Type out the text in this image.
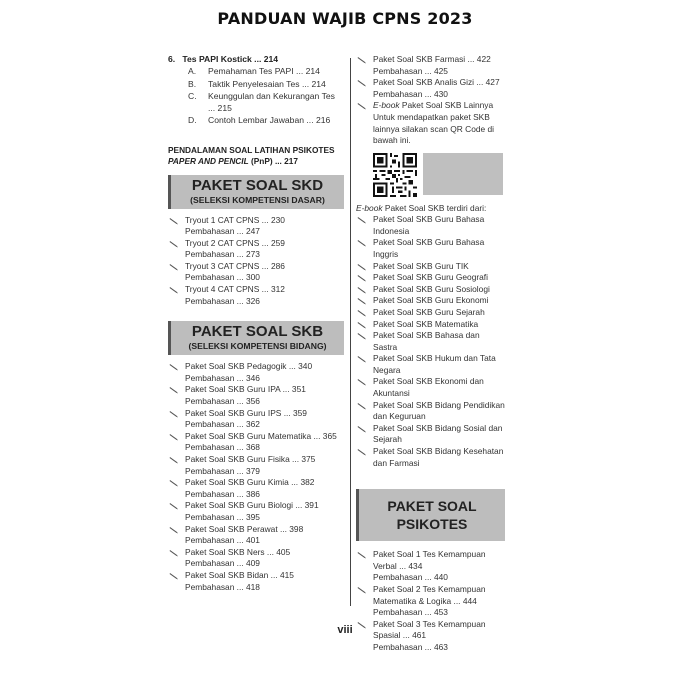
PANDUAN WAJIB CPNS 2023
6. Tes PAPI Kostick ... 214
A. Pemahaman Tes PAPI ... 214
B. Taktik Penyelesaian Tes ... 214
C. Keunggulan dan Kekurangan Tes ... 215
D. Contoh Lembar Jawaban ... 216
PENDALAMAN SOAL LATIHAN PSIKOTES
PAPER AND PENCIL (PnP) ... 217
PAKET SOAL SKD
(SELEKSI KOMPETENSI DASAR)
Tryout 1 CAT CPNS ... 230
Pembahasan ... 247
Tryout 2 CAT CPNS ... 259
Pembahasan ... 273
Tryout 3 CAT CPNS ... 286
Pembahasan ... 300
Tryout 4 CAT CPNS ... 312
Pembahasan ... 326
PAKET SOAL SKB
(SELEKSI KOMPETENSI BIDANG)
Paket Soal SKB Pedagogik ... 340
Pembahasan ... 346
Paket Soal SKB Guru IPA ... 351
Pembahasan ... 356
Paket Soal SKB Guru IPS ... 359
Pembahasan ... 362
Paket Soal SKB Guru Matematika ... 365
Pembahasan ... 368
Paket Soal SKB Guru Fisika ... 375
Pembahasan ... 379
Paket Soal SKB Guru Kimia ... 382
Pembahasan ... 386
Paket Soal SKB Guru Biologi ... 391
Pembahasan ... 395
Paket Soal SKB Perawat ... 398
Pembahasan ... 401
Paket Soal SKB Ners ... 405
Pembahasan ... 409
Paket Soal SKB Bidan ... 415
Pembahasan ... 418
Paket Soal SKB Farmasi ... 422
Pembahasan ... 425
Paket Soal SKB Analis Gizi ... 427
Pembahasan ... 430
E-book Paket Soal SKB Lainnya
Untuk mendapatkan paket SKB lainnya silakan scan QR Code di bawah ini.
E-book Paket Soal SKB terdiri dari:
Paket Soal SKB Guru Bahasa Indonesia
Paket Soal SKB Guru Bahasa Inggris
Paket Soal SKB Guru TIK
Paket Soal SKB Guru Geografi
Paket Soal SKB Guru Sosiologi
Paket Soal SKB Guru Ekonomi
Paket Soal SKB Guru Sejarah
Paket Soal SKB Matematika
Paket Soal SKB Bahasa dan Sastra
Paket Soal SKB Hukum dan Tata Negara
Paket Soal SKB Ekonomi dan Akuntansi
Paket Soal SKB Bidang Pendidikan dan Keguruan
Paket Soal SKB Bidang Sosial dan Sejarah
Paket Soal SKB Bidang Kesehatan dan Farmasi
PAKET SOAL PSIKOTES
Paket Soal 1 Tes Kemampuan Verbal ... 434
Pembahasan ... 440
Paket Soal 2 Tes Kemampuan Matematika & Logika ... 444
Pembahasan ... 453
Paket Soal 3 Tes Kemampuan Spasial ... 461
Pembahasan ... 463
viii
